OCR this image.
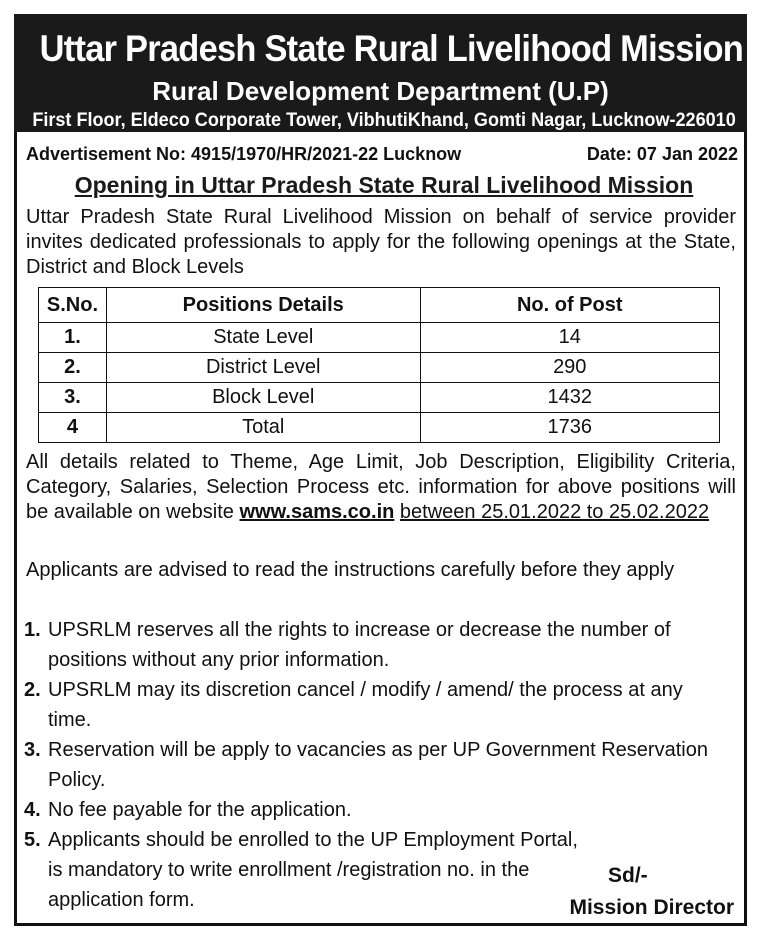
Uttar Pradesh State Rural Livelihood Mission
Rural Development Department (U.P)
First Floor, Eldeco Corporate Tower, VibhutiKhand, Gomti Nagar, Lucknow-226010
Advertisement No: 4915/1970/HR/2021-22 Lucknow	Date: 07 Jan 2022
Opening in Uttar Pradesh State Rural Livelihood Mission
Uttar Pradesh State Rural Livelihood Mission on behalf of service provider invites dedicated professionals to apply for the following openings at the State, District and Block Levels
S.No.	Positions Details	No. of Post
1.	State Level	14
2.	District Level	290
3.	Block Level	1432
4	Total	1736
All details related to Theme, Age Limit, Job Description, Eligibility Criteria, Category, Salaries, Selection Process etc. information for above positions will be available on website www.sams.co.in between 25.01.2022 to 25.02.2022
Applicants are advised to read the instructions carefully before they apply
1. UPSRLM reserves all the rights to increase or decrease the number of positions without any prior information.
2. UPSRLM may its discretion cancel / modify / amend/ the process at any time.
3. Reservation will be apply to vacancies as per UP Government Reservation Policy.
4. No fee payable for the application.
5. Applicants should be enrolled to the UP Employment Portal, is mandatory to write enrollment /registration no. in the application form.
Sd/-
Mission Director
